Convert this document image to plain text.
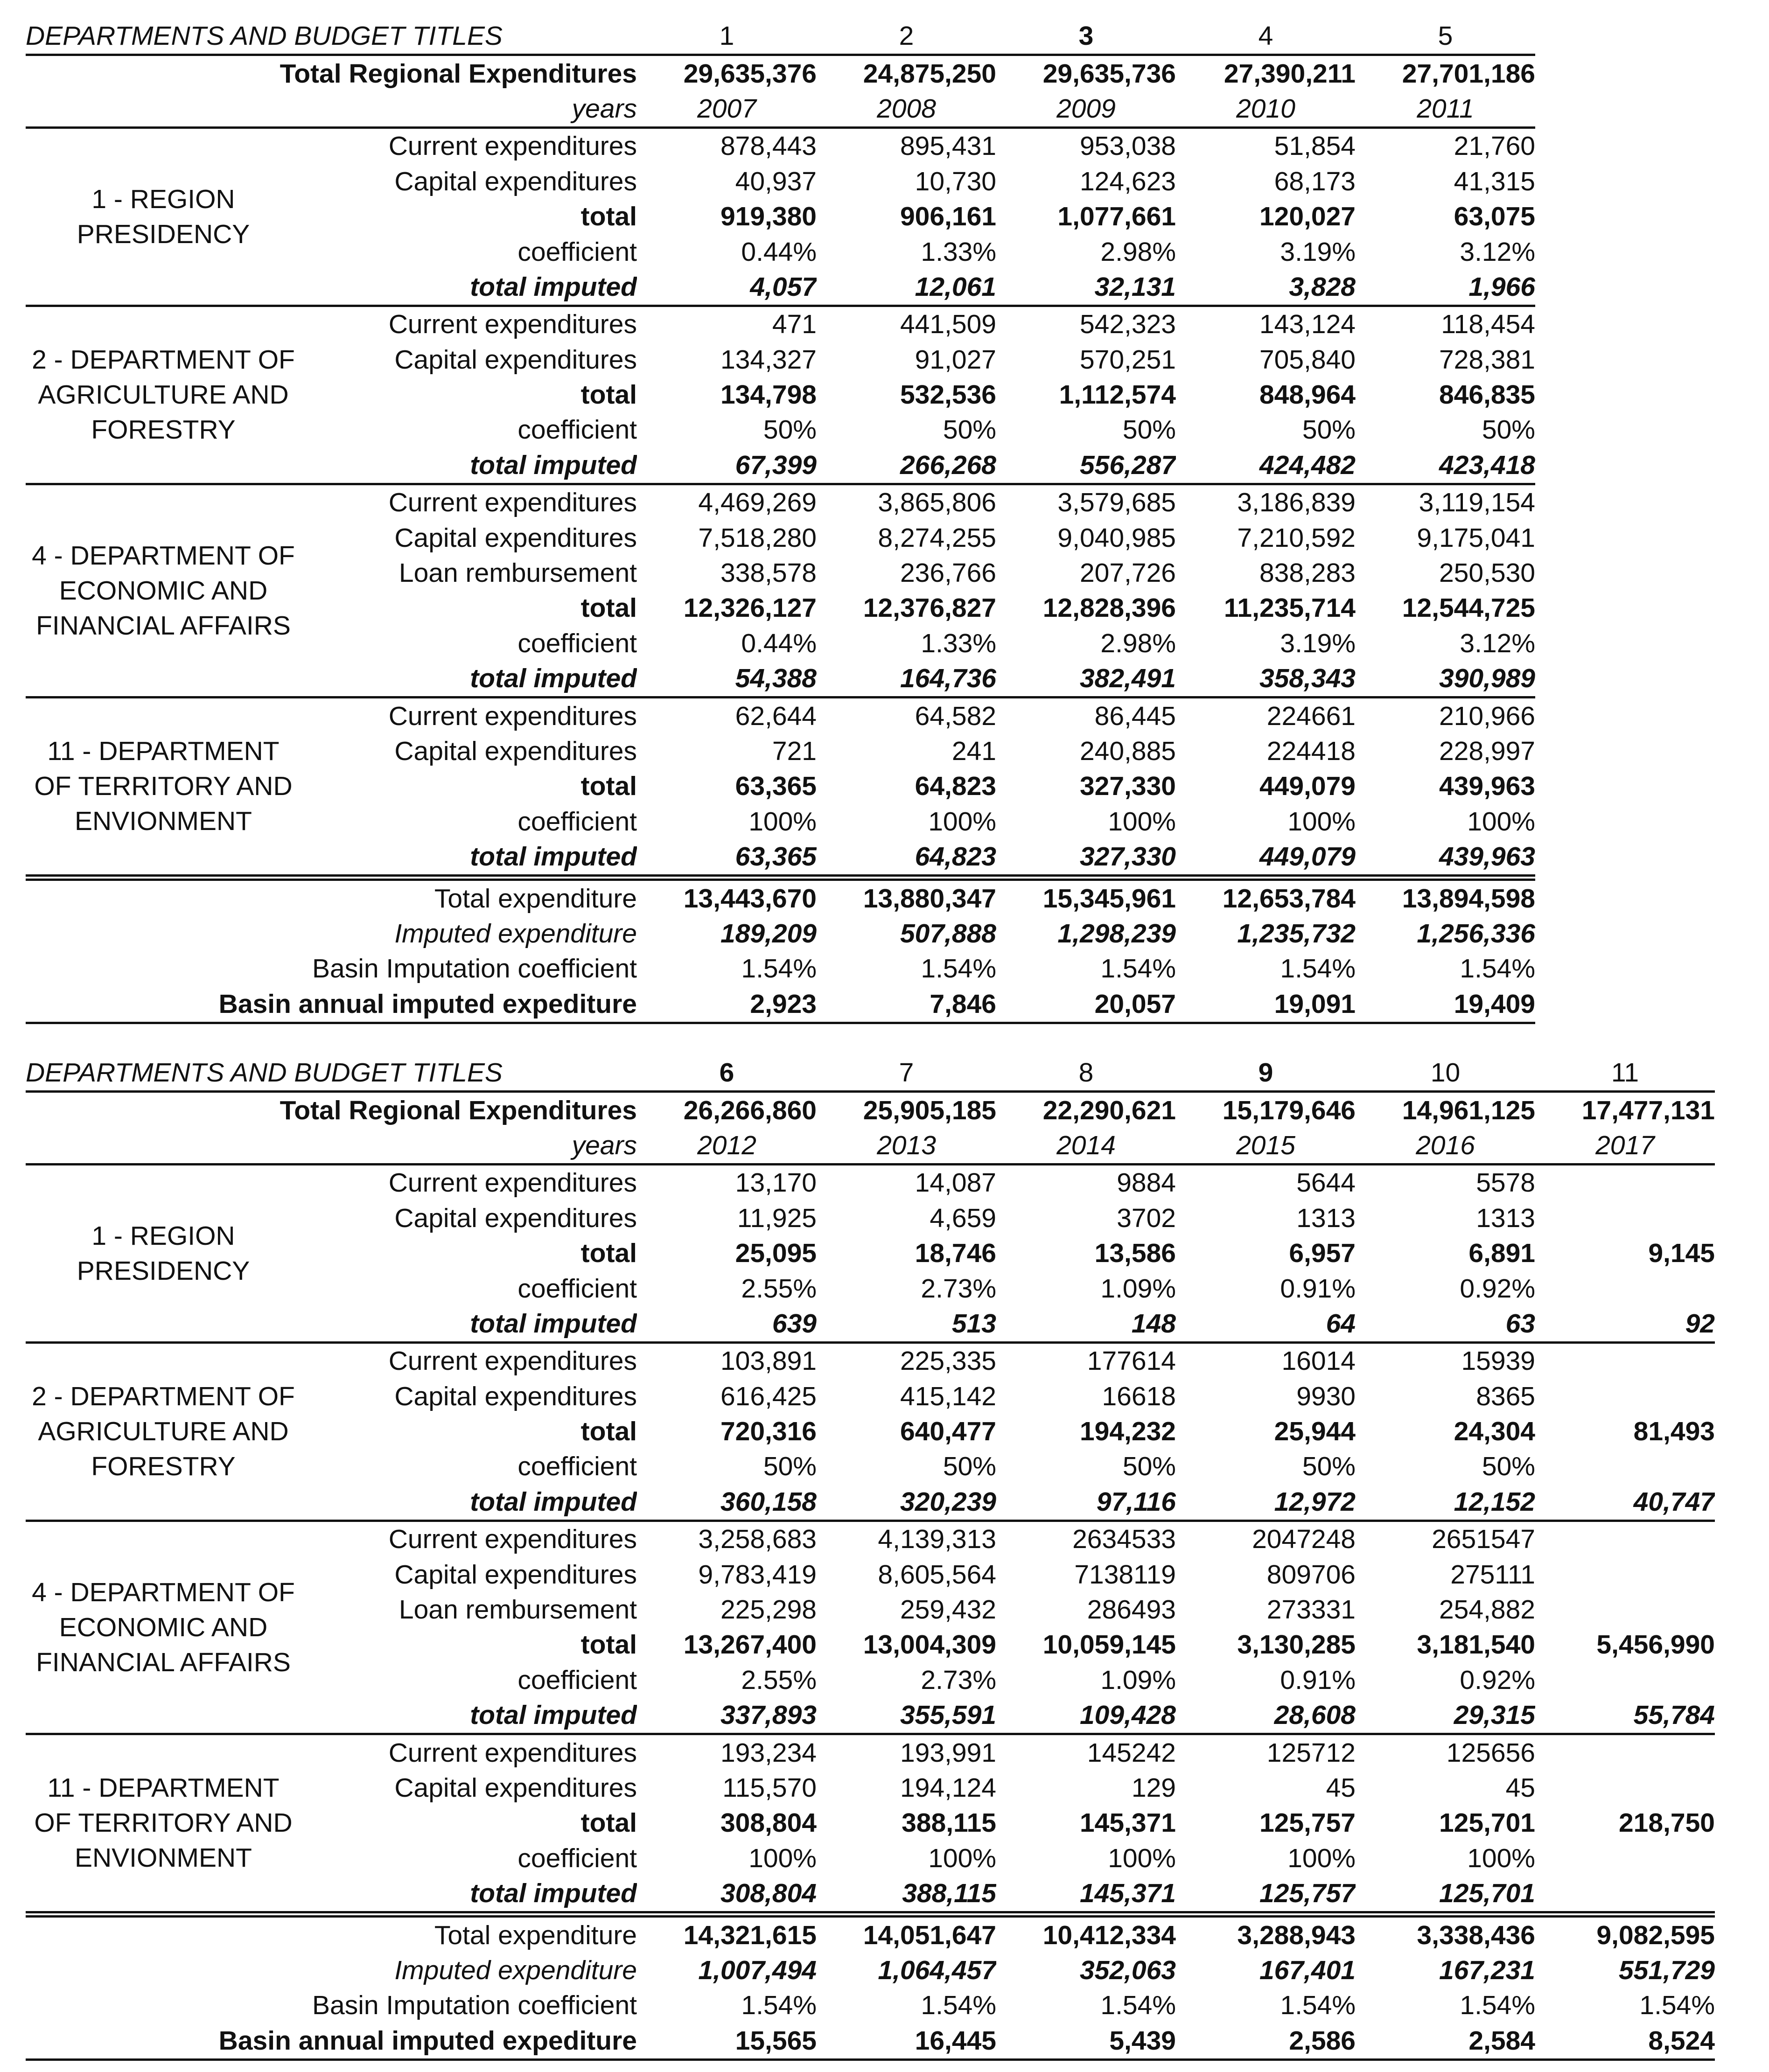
DEPARTMENTS AND BUDGET TITLES		1	2	3	4	5
Total Regional Expenditures		29,635,376	24,875,250	29,635,736	27,390,211	27,701,186
years		2007	2008	2009	2010	2011
1 - REGION PRESIDENCY	Current expenditures	878,443	895,431	953,038	51,854	21,760
	Capital expenditures	40,937	10,730	124,623	68,173	41,315
	total	919,380	906,161	1,077,661	120,027	63,075
	coefficient	0.44%	1.33%	2.98%	3.19%	3.12%
	total imputed	4,057	12,061	32,131	3,828	1,966
2 - DEPARTMENT OF AGRICULTURE AND FORESTRY	Current expenditures	471	441,509	542,323	143,124	118,454
	Capital expenditures	134,327	91,027	570,251	705,840	728,381
	total	134,798	532,536	1,112,574	848,964	846,835
	coefficient	50%	50%	50%	50%	50%
	total imputed	67,399	266,268	556,287	424,482	423,418
4 - DEPARTMENT OF ECONOMIC AND FINANCIAL AFFAIRS	Current expenditures	4,469,269	3,865,806	3,579,685	3,186,839	3,119,154
	Capital expenditures	7,518,280	8,274,255	9,040,985	7,210,592	9,175,041
	Loan rembursement	338,578	236,766	207,726	838,283	250,530
	total	12,326,127	12,376,827	12,828,396	11,235,714	12,544,725
	coefficient	0.44%	1.33%	2.98%	3.19%	3.12%
	total imputed	54,388	164,736	382,491	358,343	390,989
11 - DEPARTMENT OF TERRITORY AND ENVIONMENT	Current expenditures	62,644	64,582	86,445	224661	210,966
	Capital expenditures	721	241	240,885	224418	228,997
	total	63,365	64,823	327,330	449,079	439,963
	coefficient	100%	100%	100%	100%	100%
	total imputed	63,365	64,823	327,330	449,079	439,963
Total expenditure		13,443,670	13,880,347	15,345,961	12,653,784	13,894,598
Imputed expenditure		189,209	507,888	1,298,239	1,235,732	1,256,336
Basin Imputation coefficient		1.54%	1.54%	1.54%	1.54%	1.54%
Basin annual imputed expediture		2,923	7,846	20,057	19,091	19,409
DEPARTMENTS AND BUDGET TITLES		6	7	8	9	10	11
Total Regional Expenditures		26,266,860	25,905,185	22,290,621	15,179,646	14,961,125	17,477,131
years		2012	2013	2014	2015	2016	2017
1 - REGION PRESIDENCY	Current expenditures	13,170	14,087	9884	5644	5578	
	Capital expenditures	11,925	4,659	3702	1313	1313	
	total	25,095	18,746	13,586	6,957	6,891	9,145
	coefficient	2.55%	2.73%	1.09%	0.91%	0.92%	
	total imputed	639	513	148	64	63	92
2 - DEPARTMENT OF AGRICULTURE AND FORESTRY	Current expenditures	103,891	225,335	177614	16014	15939	
	Capital expenditures	616,425	415,142	16618	9930	8365	
	total	720,316	640,477	194,232	25,944	24,304	81,493
	coefficient	50%	50%	50%	50%	50%	
	total imputed	360,158	320,239	97,116	12,972	12,152	40,747
4 - DEPARTMENT OF ECONOMIC AND FINANCIAL AFFAIRS	Current expenditures	3,258,683	4,139,313	2634533	2047248	2651547	
	Capital expenditures	9,783,419	8,605,564	7138119	809706	275111	
	Loan rembursement	225,298	259,432	286493	273331	254,882	
	total	13,267,400	13,004,309	10,059,145	3,130,285	3,181,540	5,456,990
	coefficient	2.55%	2.73%	1.09%	0.91%	0.92%	
	total imputed	337,893	355,591	109,428	28,608	29,315	55,784
11 - DEPARTMENT OF TERRITORY AND ENVIONMENT	Current expenditures	193,234	193,991	145242	125712	125656	
	Capital expenditures	115,570	194,124	129	45	45	
	total	308,804	388,115	145,371	125,757	125,701	218,750
	coefficient	100%	100%	100%	100%	100%	
	total imputed	308,804	388,115	145,371	125,757	125,701	
Total expenditure		14,321,615	14,051,647	10,412,334	3,288,943	3,338,436	9,082,595
Imputed expenditure		1,007,494	1,064,457	352,063	167,401	167,231	551,729
Basin Imputation coefficient		1.54%	1.54%	1.54%	1.54%	1.54%	1.54%
Basin annual imputed expediture		15,565	16,445	5,439	2,586	2,584	8,524
